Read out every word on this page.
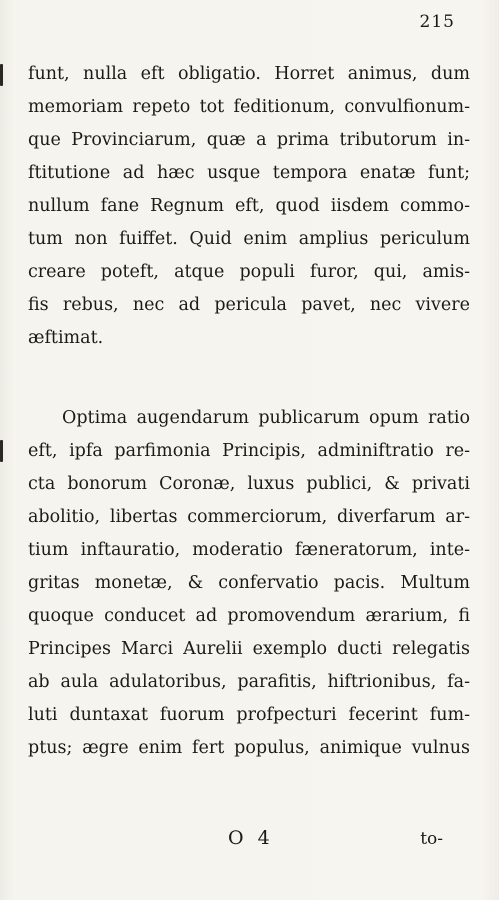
215
funt, nulla eft obligatio. Horret animus, dum
memoriam repeto tot feditionum, convulfionum-
que Provinciarum, quæ a prima tributorum in-
ftitutione ad hæc usque tempora enatæ funt;
nullum fane Regnum eft, quod iisdem commo-
tum non fuiffet. Quid enim amplius periculum
creare poteft, atque populi furor, qui, amis-
fis rebus, nec ad pericula pavet, nec vivere
æftimat.
Optima augendarum publicarum opum ratio
eft, ipfa parfimonia Principis, adminiftratio re-
cta bonorum Coronæ, luxus publici, & privati
abolitio, libertas commerciorum, diverfarum ar-
tium inftauratio, moderatio fæneratorum, inte-
gritas monetæ, & confervatio pacis. Multum
quoque conducet ad promovendum ærarium, fi
Principes Marci Aurelii exemplo ducti relegatis
ab aula adulatoribus, parafitis, hiftrionibus, fa-
luti duntaxat fuorum profpecturi fecerint fum-
ptus; ægre enim fert populus, animique vulnus
O 4	to-
